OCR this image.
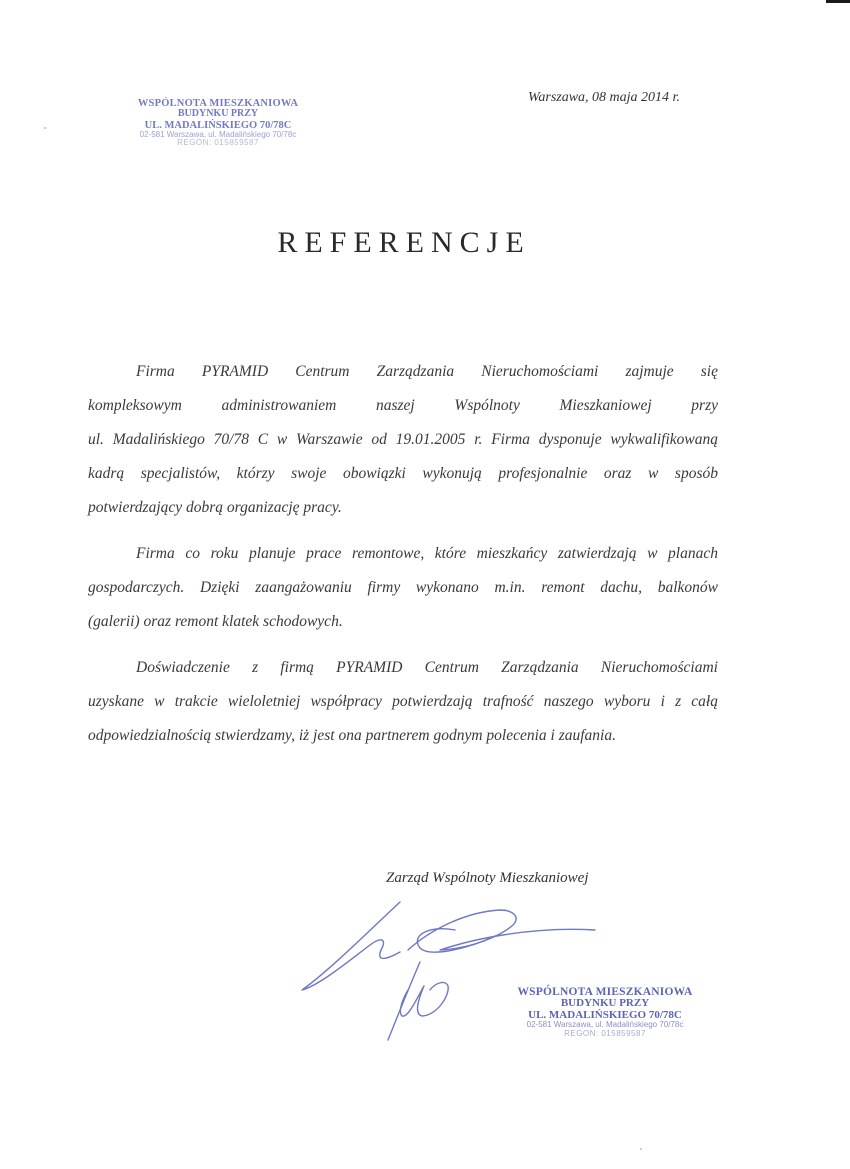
WSPÓLNOTA MIESZKANIOWA
BUDYNKU PRZY
UL. MADALIŃSKIEGO 70/78C
02-581 Warszawa, ul. Madalińskiego 70/78c
REGON: 015859587
Warszawa, 08 maja 2014 r.
REFERENCJE

Firma PYRAMID Centrum Zarządzania Nieruchomościami zajmuje się
kompleksowym administrowaniem naszej Wspólnoty Mieszkaniowej przy
ul. Madalińskiego 70/78 C w Warszawie od 19.01.2005 r. Firma dysponuje wykwalifikowaną
kadrą specjalistów, którzy swoje obowiązki wykonują profesjonalnie oraz w sposób
potwierdzający dobrą organizację pracy.

Firma co roku planuje prace remontowe, które mieszkańcy zatwierdzają w planach
gospodarczych. Dzięki zaangażowaniu firmy wykonano m.in. remont dachu, balkonów
(galerii) oraz remont klatek schodowych.

Doświadczenie z firmą PYRAMID Centrum Zarządzania Nieruchomościami
uzyskane w trakcie wieloletniej współpracy potwierdzają trafność naszego wyboru i z całą
odpowiedzialnością stwierdzamy, iż jest ona partnerem godnym polecenia i zaufania.

Zarząd Wspólnoty Mieszkaniowej
WSPÓLNOTA MIESZKANIOWA
BUDYNKU PRZY
UL. MADALIŃSKIEGO 70/78C
02-581 Warszawa, ul. Madalińskiego 70/78c
REGON: 015859587
